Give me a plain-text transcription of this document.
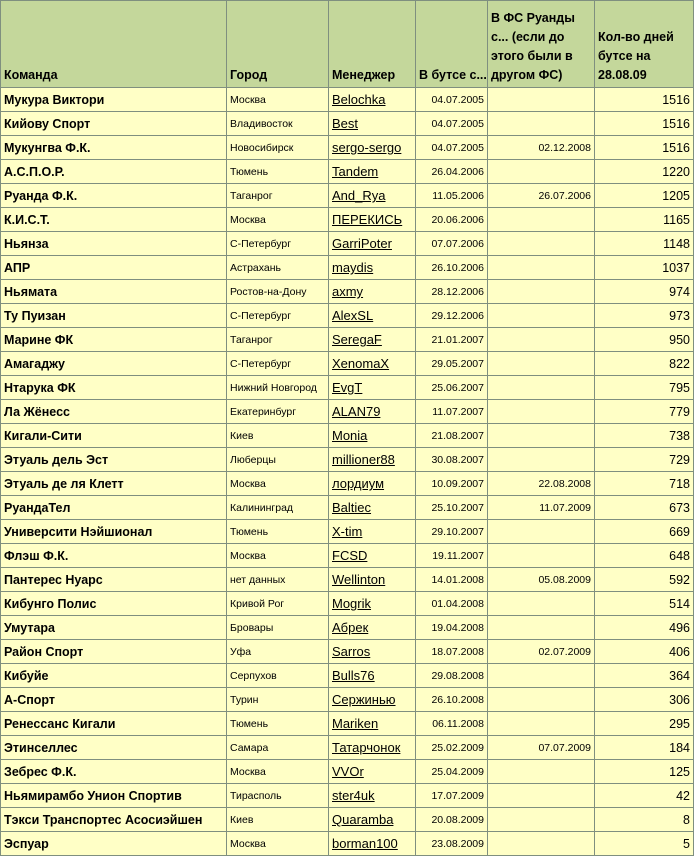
Команда	Город	Менеджер	В бутсе с...	В ФС Руанды с... (если до этого были в другом ФС)	Кол-во дней бутсе на 28.08.09
Мукура Виктори	Москва	Belochka	04.07.2005		1516
Кийову Спорт	Владивосток	Best	04.07.2005		1516
Мукунгва Ф.К.	Новосибирск	sergo-sergo	04.07.2005	02.12.2008	1516
А.С.П.О.Р.	Тюмень	Tandem	26.04.2006		1220
Руанда Ф.К.	Таганрог	And_Rya	11.05.2006	26.07.2006	1205
К.И.С.Т.	Москва	ПЕРЕКИСЬ	20.06.2006		1165
Ньянза	С-Петербург	GarriPoter	07.07.2006		1148
АПР	Астрахань	maydis	26.10.2006		1037
Ньямата	Ростов-на-Дону	axmy	28.12.2006		974
Ту Пуизан	С-Петербург	AlexSL	29.12.2006		973
Марине ФК	Таганрог	SeregaF	21.01.2007		950
Амагаджу	С-Петербург	XenomaX	29.05.2007		822
Нтарука ФК	Нижний Новгород	EvgT	25.06.2007		795
Ла Жёнесс	Екатеринбург	ALAN79	11.07.2007		779
Кигали-Сити	Киев	Monia	21.08.2007		738
Этуаль дель Эст	Люберцы	millioner88	30.08.2007		729
Этуаль де ля Клетт	Москва	лордиум	10.09.2007	22.08.2008	718
РуандаТел	Калининград	Baltiec	25.10.2007	11.07.2009	673
Университи Нэйшионал	Тюмень	X-tim	29.10.2007		669
Флэш Ф.К.	Москва	FCSD	19.11.2007		648
Пантерес Нуарс	нет данных	Wellinton	14.01.2008	05.08.2009	592
Кибунго Полис	Кривой Рог	Mogrik	01.04.2008		514
Умутара	Бровары	Абрек	19.04.2008		496
Район Спорт	Уфа	Sarros	18.07.2008	02.07.2009	406
Кибуйе	Серпухов	Bulls76	29.08.2008		364
А-Спорт	Турин	Сержинью	26.10.2008		306
Ренессанс Кигали	Тюмень	Mariken	06.11.2008		295
Этинселлес	Самара	Татарчонок	25.02.2009	07.07.2009	184
Зебрес Ф.К.	Москва	VVOr	25.04.2009		125
Ньямирамбо Унион Спортив	Тирасполь	ster4uk	17.07.2009		42
Тэкси Транспортес Асосиэйшен	Киев	Quaramba	20.08.2009		8
Эспуар	Москва	borman100	23.08.2009		5
